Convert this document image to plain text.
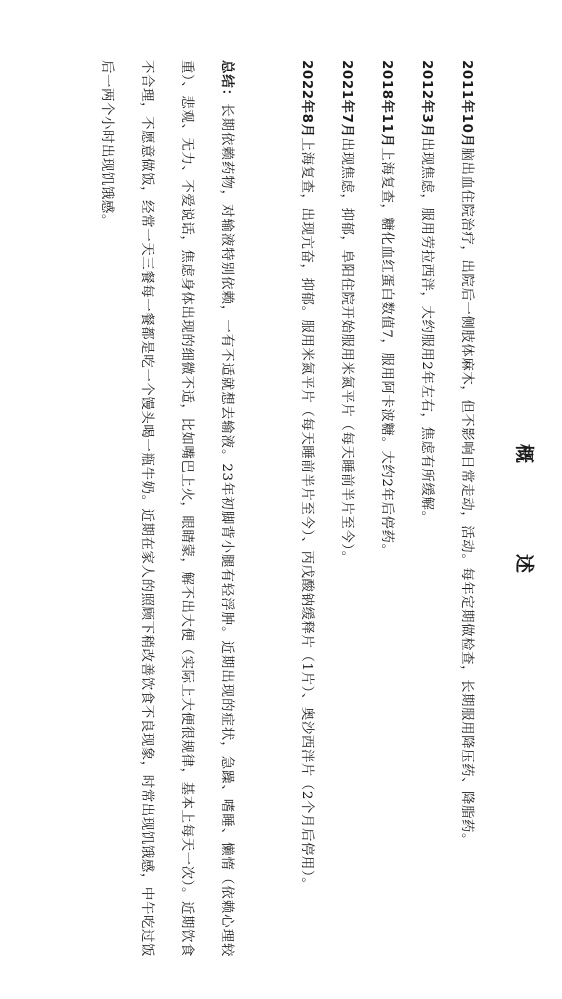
概　述

2011年10月脑出血住院治疗，出院后一侧肢体麻木，但不影响日常走动，活动。每年定期做检查，长期服用降压药、降脂药。

2012年3月出现焦虑，服用劳拉西泮，大约服用2年左右，焦虑有所缓解。

2018年11月上海复查，糖化血红蛋白数值7，服用阿卡波糖。大约2年后停药。

2021年7月出现焦虑，抑郁，阜阳住院开始服用米氮平片（每天睡前半片至今）。

2022年8月上海复查，出现亢奋，抑郁。服用米氮平片（每天睡前半片至今）、丙戊酸钠缓释片（1片）、奥沙西泮片（2个月后停用）。

总结：长期依赖药物，对输液特别依赖，一有不适就想去输液。23年初脚背小腿有轻浮肿。近期出现的症状，急躁、嗜睡、懒惰（依赖心理较重）、悲观、无力、不爱说话，焦虑身体出现的细微不适，比如嘴巴上火，眼睛蒙，解不出大便（实际上大便很规律，基本上每天一次）。近期饮食不合理，不愿意做饭，经常一天三餐每一餐都是吃一个馒头喝一瓶牛奶。近期在家人的照顾下稍改善饮食不良现象，时常出现饥饿感，中午吃过饭后一两个小时出现饥饿感。
